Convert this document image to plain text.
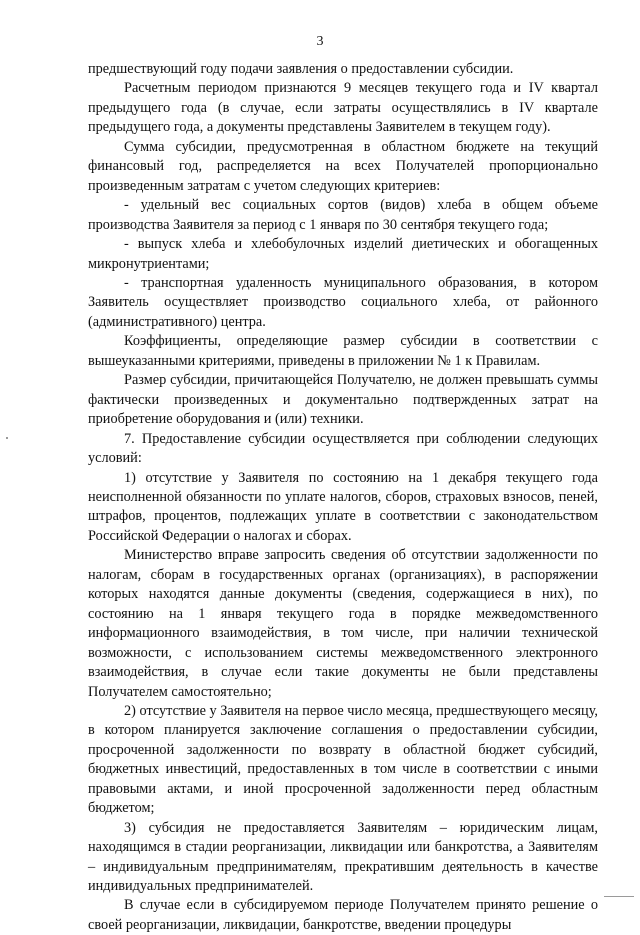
3

предшествующий году подачи заявления о предоставлении субсидии.

Расчетным периодом признаются 9 месяцев текущего года и IV квартал предыдущего года (в случае, если затраты осуществлялись в IV квартале предыдущего года, а документы представлены Заявителем в текущем году).

Сумма субсидии, предусмотренная в областном бюджете на текущий финансовый год, распределяется на всех Получателей пропорционально произведенным затратам с учетом следующих критериев:

- удельный вес социальных сортов (видов) хлеба в общем объеме производства Заявителя за период с 1 января по 30 сентября текущего года;

- выпуск хлеба и хлебобулочных изделий диетических и обогащенных микронутриентами;

- транспортная удаленность муниципального образования, в котором Заявитель осуществляет производство социального хлеба, от районного (административного) центра.

Коэффициенты, определяющие размер субсидии в соответствии с вышеуказанными критериями, приведены в приложении № 1 к Правилам.

Размер субсидии, причитающейся Получателю, не должен превышать суммы фактически произведенных и документально подтвержденных затрат на приобретение оборудования и (или) техники.

7. Предоставление субсидии осуществляется при соблюдении следующих условий:

1) отсутствие у Заявителя по состоянию на 1 декабря текущего года неисполненной обязанности по уплате налогов, сборов, страховых взносов, пеней, штрафов, процентов, подлежащих уплате в соответствии с законодательством Российской Федерации о налогах и сборах.

Министерство вправе запросить сведения об отсутствии задолженности по налогам, сборам в государственных органах (организациях), в распоряжении которых находятся данные документы (сведения, содержащиеся в них), по состоянию на 1 января текущего года в порядке межведомственного информационного взаимодействия, в том числе, при наличии технической возможности, с использованием системы межведомственного электронного взаимодействия, в случае если такие документы не были представлены Получателем самостоятельно;

2) отсутствие у Заявителя на первое число месяца, предшествующего месяцу, в котором планируется заключение соглашения о предоставлении субсидии, просроченной задолженности по возврату в областной бюджет субсидий, бюджетных инвестиций, предоставленных в том числе в соответствии с иными правовыми актами, и иной просроченной задолженности перед областным бюджетом;

3) субсидия не предоставляется Заявителям – юридическим лицам, находящимся в стадии реорганизации, ликвидации или банкротства, а Заявителям – индивидуальным предпринимателям, прекратившим деятельность в качестве индивидуальных предпринимателей.

В случае если в субсидируемом периоде Получателем принято решение о своей реорганизации, ликвидации, банкротстве, введении процедуры
